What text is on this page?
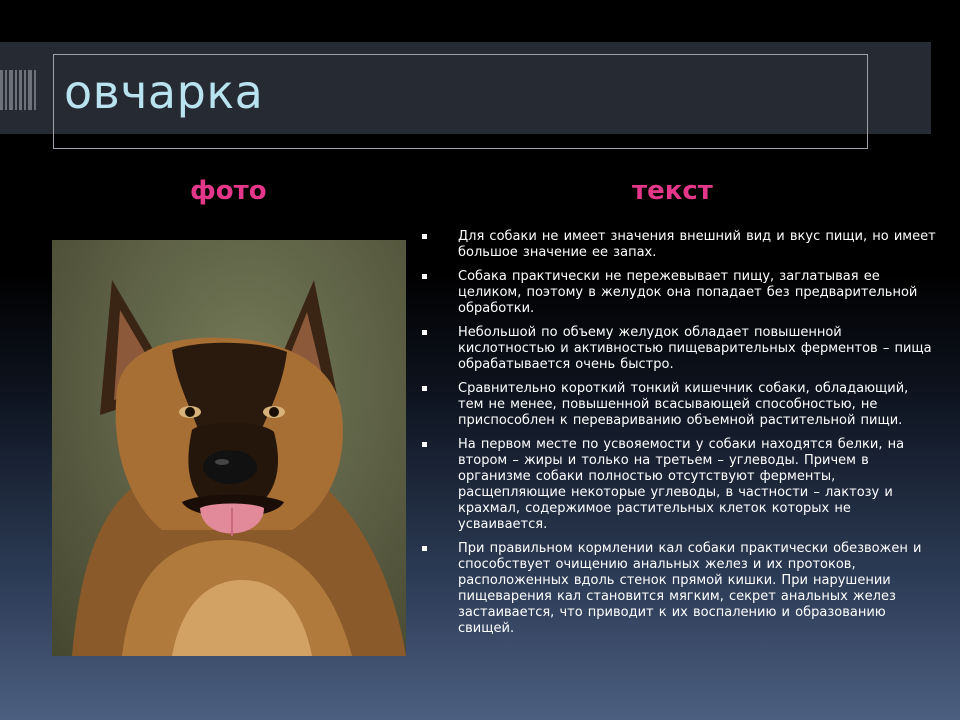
овчарка
фото	текст
Для собаки не имеет значения внешний вид и вкус пищи, но имеет большое значение ее запах.
Собака практически не пережевывает пищу, заглатывая ее целиком, поэтому в желудок она попадает без предварительной обработки.
Небольшой по объему желудок обладает повышенной кислотностью и активностью пищеварительных ферментов – пища обрабатывается очень быстро.
Сравнительно короткий тонкий кишечник собаки, обладающий, тем не менее, повышенной всасывающей способностью, не приспособлен к перевариванию объемной растительной пищи.
На первом месте по усвояемости у собаки находятся белки, на втором – жиры и только на третьем – углеводы. Причем в организме собаки полностью отсутствуют ферменты, расщепляющие некоторые углеводы, в частности – лактозу и крахмал, содержимое растительных клеток которых не усваивается.
При правильном кормлении кал собаки практически обезвожен и способствует очищению анальных желез и их протоков, расположенных вдоль стенок прямой кишки. При нарушении пищеварения кал становится мягким, секрет анальных желез застаивается, что приводит к их воспалению и образованию свищей.
